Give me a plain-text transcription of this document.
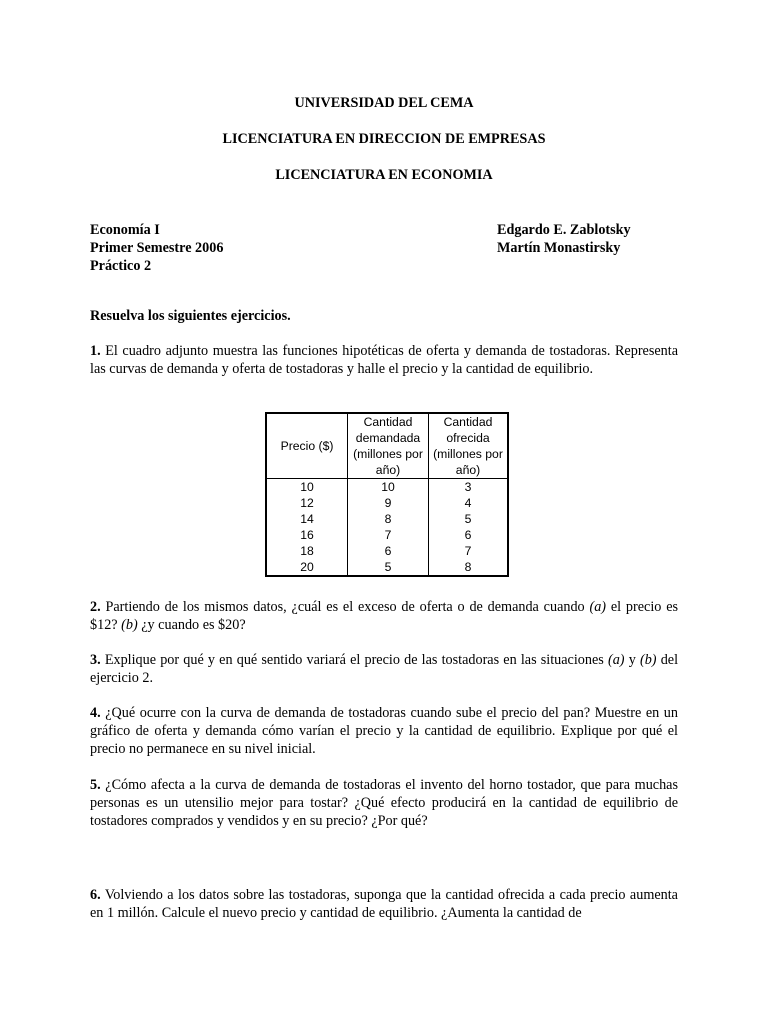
UNIVERSIDAD DEL CEMA
LICENCIATURA EN DIRECCION DE EMPRESAS
LICENCIATURA EN ECONOMIA
Economía I
Primer Semestre 2006
Práctico 2
Edgardo E. Zablotsky
Martín Monastirsky
Resuelva los siguientes ejercicios.
1. El cuadro adjunto muestra las funciones hipotéticas de oferta y demanda de tostadoras. Representa las curvas de demanda y oferta de tostadoras y halle el precio y la cantidad de equilibrio.
Precio ($)	Cantidad demandada (millones por año)	Cantidad ofrecida (millones por año)
10	10	3
12	9	4
14	8	5
16	7	6
18	6	7
20	5	8
2. Partiendo de los mismos datos, ¿cuál es el exceso de oferta o de demanda cuando (a) el precio es $12? (b) ¿y cuando es $20?
3. Explique por qué y en qué sentido variará el precio de las tostadoras en las situaciones (a) y (b) del ejercicio 2.
4. ¿Qué ocurre con la curva de demanda de tostadoras cuando sube el precio del pan? Muestre en un gráfico de oferta y demanda cómo varían el precio y la cantidad de equilibrio. Explique por qué el precio no permanece en su nivel inicial.
5. ¿Cómo afecta a la curva de demanda de tostadoras el invento del horno tostador, que para muchas personas es un utensilio mejor para tostar? ¿Qué efecto producirá en la cantidad de equilibrio de tostadores comprados y vendidos y en su precio? ¿Por qué?
6. Volviendo a los datos sobre las tostadoras, suponga que la cantidad ofrecida a cada precio aumenta en 1 millón. Calcule el nuevo precio y cantidad de equilibrio. ¿Aumenta la cantidad de
